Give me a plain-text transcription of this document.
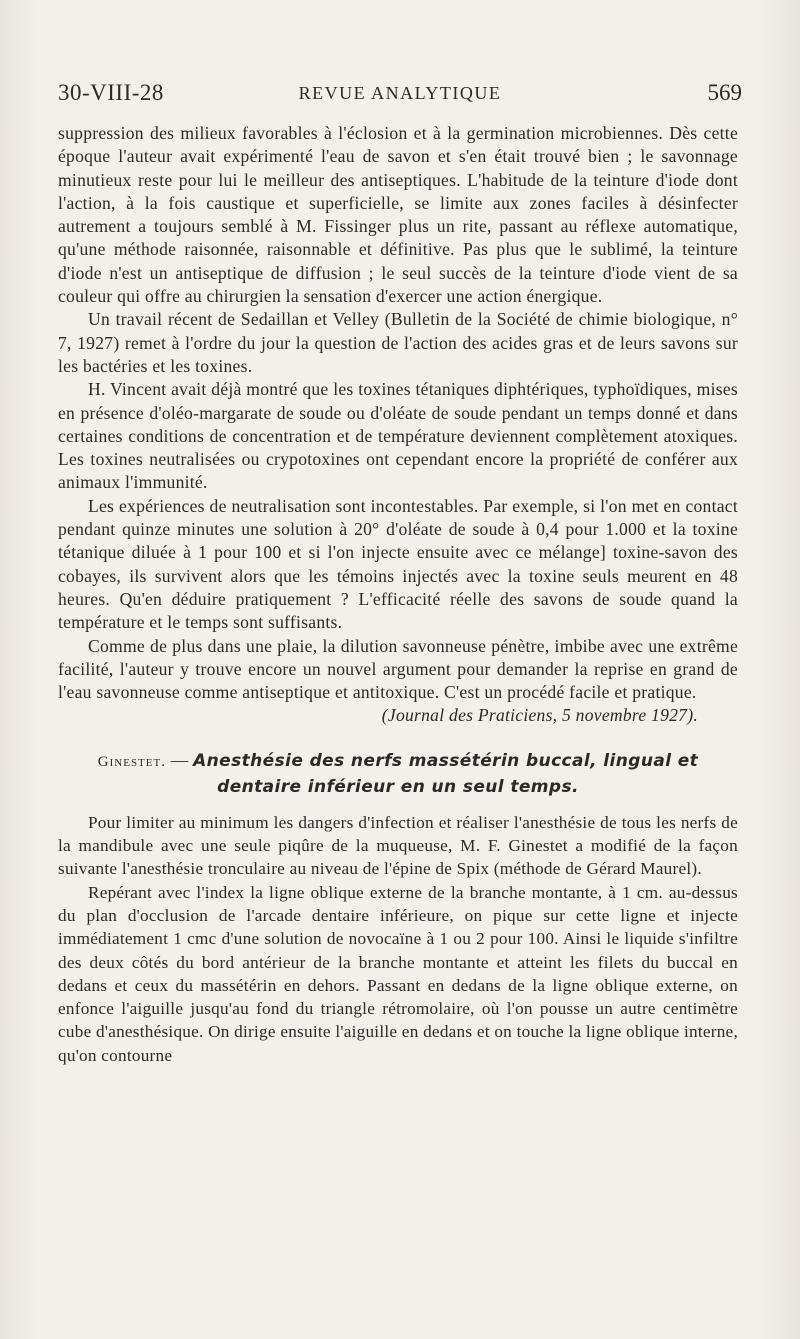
30-VIII-28	REVUE ANALYTIQUE	569

suppression des milieux favorables à l'éclosion et à la germination microbiennes. Dès cette époque l'auteur avait expérimenté l'eau de savon et s'en était trouvé bien ; le savonnage minutieux reste pour lui le meilleur des antiseptiques. L'habitude de la teinture d'iode dont l'action, à la fois caustique et superficielle, se limite aux zones faciles à désinfecter autrement a toujours semblé à M. Fissinger plus un rite, passant au réflexe automatique, qu'une méthode raisonnée, raisonnable et définitive. Pas plus que le sublimé, la teinture d'iode n'est un antiseptique de diffusion ; le seul succès de la teinture d'iode vient de sa couleur qui offre au chirurgien la sensation d'exercer une action énergique.

Un travail récent de Sedaillan et Velley (Bulletin de la Société de chimie biologique, n° 7, 1927) remet à l'ordre du jour la question de l'action des acides gras et de leurs savons sur les bactéries et les toxines.

H. Vincent avait déjà montré que les toxines tétaniques diphtériques, typhoïdiques, mises en présence d'oléo-margarate de soude ou d'oléate de soude pendant un temps donné et dans certaines conditions de concentration et de température deviennent complètement atoxiques. Les toxines neutralisées ou crypotoxines ont cependant encore la propriété de conférer aux animaux l'immunité.

Les expériences de neutralisation sont incontestables. Par exemple, si l'on met en contact pendant quinze minutes une solution à 20° d'oléate de soude à 0,4 pour 1.000 et la toxine tétanique diluée à 1 pour 100 et si l'on injecte ensuite avec ce mélange] toxine-savon des cobayes, ils survivent alors que les témoins injectés avec la toxine seuls meurent en 48 heures. Qu'en déduire pratiquement ? L'efficacité réelle des savons de soude quand la température et le temps sont suffisants.

Comme de plus dans une plaie, la dilution savonneuse pénètre, imbibe avec une extrême facilité, l'auteur y trouve encore un nouvel argument pour demander la reprise en grand de l'eau savonneuse comme antiseptique et antitoxique. C'est un procédé facile et pratique.

(Journal des Praticiens, 5 novembre 1927).

Ginestet. — Anesthésie des nerfs massétérin buccal, lingual et dentaire inférieur en un seul temps.

Pour limiter au minimum les dangers d'infection et réaliser l'anesthésie de tous les nerfs de la mandibule avec une seule piqûre de la muqueuse, M. F. Ginestet a modifié de la façon suivante l'anesthésie tronculaire au niveau de l'épine de Spix (méthode de Gérard Maurel).

Repérant avec l'index la ligne oblique externe de la branche montante, à 1 cm. au-dessus du plan d'occlusion de l'arcade dentaire inférieure, on pique sur cette ligne et injecte immédiatement 1 cmc d'une solution de novocaïne à 1 ou 2 pour 100. Ainsi le liquide s'infiltre des deux côtés du bord antérieur de la branche montante et atteint les filets du buccal en dedans et ceux du massétérin en dehors. Passant en dedans de la ligne oblique externe, on enfonce l'aiguille jusqu'au fond du triangle rétromolaire, où l'on pousse un autre centimètre cube d'anesthésique. On dirige ensuite l'aiguille en dedans et on touche la ligne oblique interne, qu'on contourne
